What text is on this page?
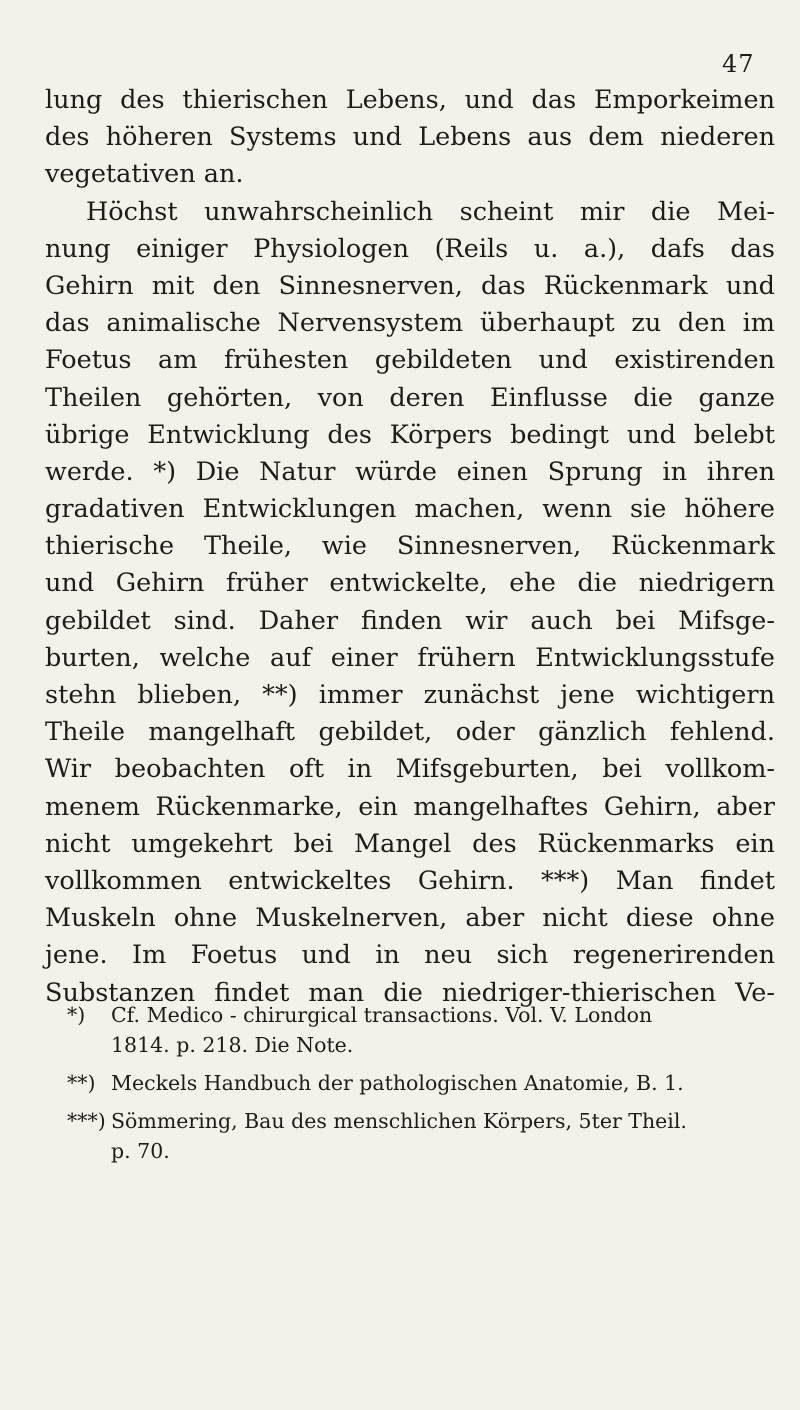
47
lung des thierischen Lebens, und das Emporkeimen
des höheren Systems und Lebens aus dem niederen
vegetativen an.
Höchst unwahrscheinlich scheint mir die Mei-
nung einiger Physiologen (Reils u. a.), dafs das
Gehirn mit den Sinnesnerven, das Rückenmark und
das animalische Nervensystem überhaupt zu den im
Foetus am frühesten gebildeten und existirenden
Theilen gehörten, von deren Einflusse die ganze
übrige Entwicklung des Körpers bedingt und belebt
werde. *) Die Natur würde einen Sprung in ihren
gradativen Entwicklungen machen, wenn sie höhere
thierische Theile, wie Sinnesnerven, Rückenmark
und Gehirn früher entwickelte, ehe die niedrigern
gebildet sind. Daher finden wir auch bei Mifsge-
burten, welche auf einer frühern Entwicklungsstufe
stehn blieben, **) immer zunächst jene wichtigern
Theile mangelhaft gebildet, oder gänzlich fehlend.
Wir beobachten oft in Mifsgeburten, bei vollkom-
menem Rückenmarke, ein mangelhaftes Gehirn, aber
nicht umgekehrt bei Mangel des Rückenmarks ein
vollkommen entwickeltes Gehirn. ***) Man findet
Muskeln ohne Muskelnerven, aber nicht diese ohne
jene. Im Foetus und in neu sich regenerirenden
Substanzen findet man die niedriger-thierischen Ve-
*) Cf. Medico - chirurgical transactions. Vol. V. London
1814. p. 218. Die Note.
**) Meckels Handbuch der pathologischen Anatomie, B. 1.
***) Sömmering, Bau des menschlichen Körpers, 5ter Theil.
p. 70.
